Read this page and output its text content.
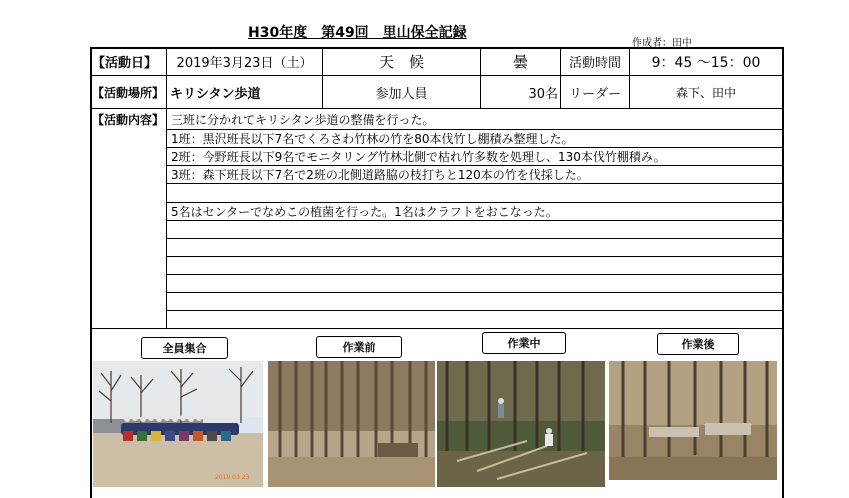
H30年度　第49回　里山保全記録
作成者：田中
【活動日】	2019年3月23日（土）	天　候	曇	活動時間	9：45 ～15：00
【活動場所】 キリシタン歩道	参加人員	30名 リーダー	森下、田中
【活動内容】 三班に分かれてキリシタン歩道の整備を行った。
1班：黒沢班長以下7名でくろさわ竹林の竹を80本伐竹し棚積み整理した。
2班：今野班長以下9名でモニタリング竹林北側で枯れ竹多数を処理し、130本伐竹棚積み。
3班：森下班長以下7名で2班の北側道路脇の枝打ちと120本の竹を伐採した。
5名はセンターでなめこの植菌を行った。1名はクラフトをおこなった。
全員集合	作業前	作業中	作業後
2019 03 23
